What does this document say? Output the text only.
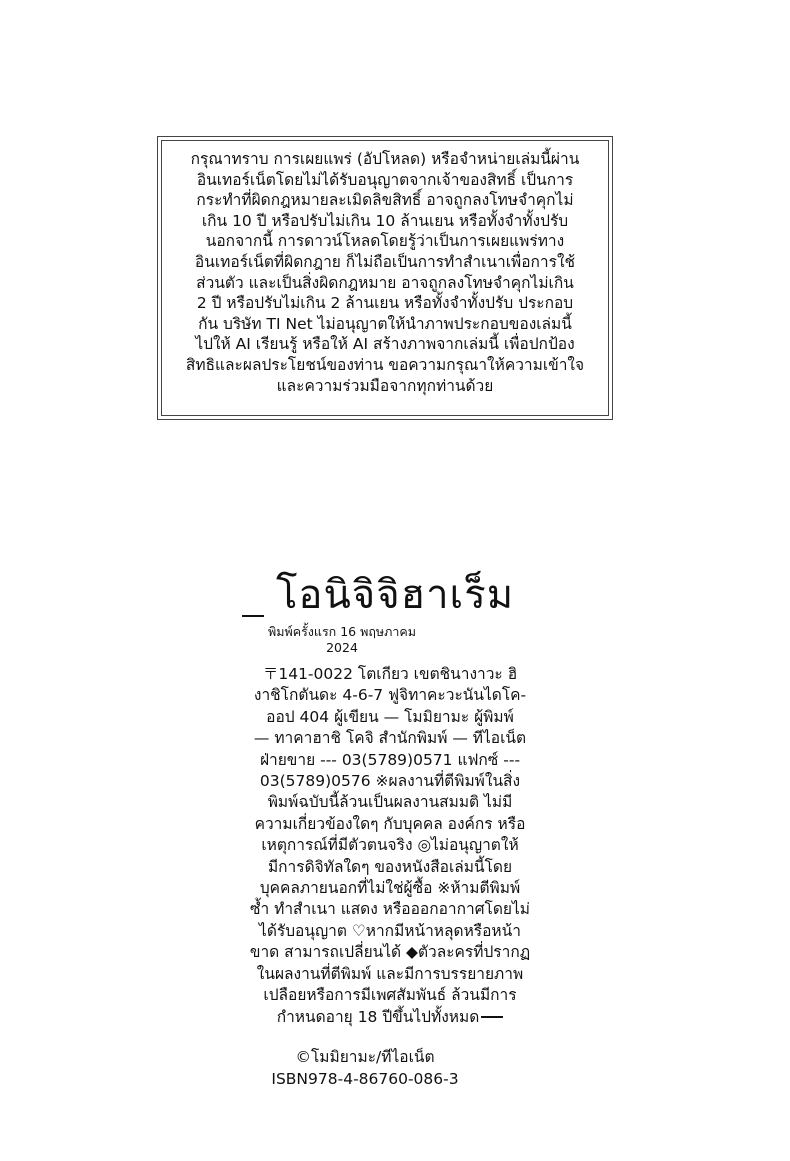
กรุณาทราบ การเผยแพร่ (อัปโหลด) หรือจำหน่ายเล่มนี้ผ่าน
อินเทอร์เน็ตโดยไม่ได้รับอนุญาตจากเจ้าของสิทธิ์ เป็นการ
กระทำที่ผิดกฎหมายละเมิดลิขสิทธิ์ อาจถูกลงโทษจำคุกไม่
เกิน 10 ปี หรือปรับไม่เกิน 10 ล้านเยน หรือทั้งจำทั้งปรับ
นอกจากนี้ การดาวน์โหลดโดยรู้ว่าเป็นการเผยแพร่ทาง
อินเทอร์เน็ตที่ผิดกฎาย ก็ไม่ถือเป็นการทำสำเนาเพื่อการใช้
ส่วนตัว และเป็นสิ่งผิดกฎหมาย อาจถูกลงโทษจำคุกไม่เกิน
2 ปี หรือปรับไม่เกิน 2 ล้านเยน หรือทั้งจำทั้งปรับ ประกอบ
กัน บริษัท TI Net ไม่อนุญาตให้นำภาพประกอบของเล่มนี้
ไปให้ AI เรียนรู้ หรือให้ AI สร้างภาพจากเล่มนี้ เพื่อปกป้อง
สิทธิและผลประโยชน์ของท่าน ขอความกรุณาให้ความเข้าใจ
และความร่วมมือจากทุกท่านด้วย

โอนิจิจิฮาเร็ม

พิมพ์ครั้งแรก 16 พฤษภาคม
2024

〒141-0022 โตเกียว เขตชินางาวะ ฮิ
งาชิโกตันดะ 4-6-7 ฟูจิทาคะวะนันไดโค-
ออป 404 ผู้เขียน — โมมิยามะ ผู้พิมพ์
— ทาคาฮาชิ โคจิ สำนักพิมพ์ — ทีไอเน็ต
ฝ่ายขาย --- 03(5789)0571 แฟกซ์ ---
03(5789)0576 ※ผลงานที่ตีพิมพ์ในสิ่ง
พิมพ์ฉบับนี้ล้วนเป็นผลงานสมมติ ไม่มี
ความเกี่ยวข้องใดๆ กับบุคคล องค์กร หรือ
เหตุการณ์ที่มีตัวตนจริง ◎ไม่อนุญาตให้
มีการดิจิทัลใดๆ ของหนังสือเล่มนี้โดย
บุคคลภายนอกที่ไม่ใช่ผู้ซื้อ ※ห้ามตีพิมพ์
ซ้ำ ทำสำเนา แสดง หรือออกอากาศโดยไม่
ได้รับอนุญาต ♡หากมีหน้าหลุดหรือหน้า
ขาด สามารถเปลี่ยนได้ ◆ตัวละครที่ปรากฏ
ในผลงานที่ตีพิมพ์ และมีการบรรยายภาพ
เปลือยหรือการมีเพศสัมพันธ์ ล้วนมีการ
กำหนดอายุ 18 ปีขึ้นไปทั้งหมด

©โมมิยามะ/ทีไอเน็ต

ISBN978-4-86760-086-3
